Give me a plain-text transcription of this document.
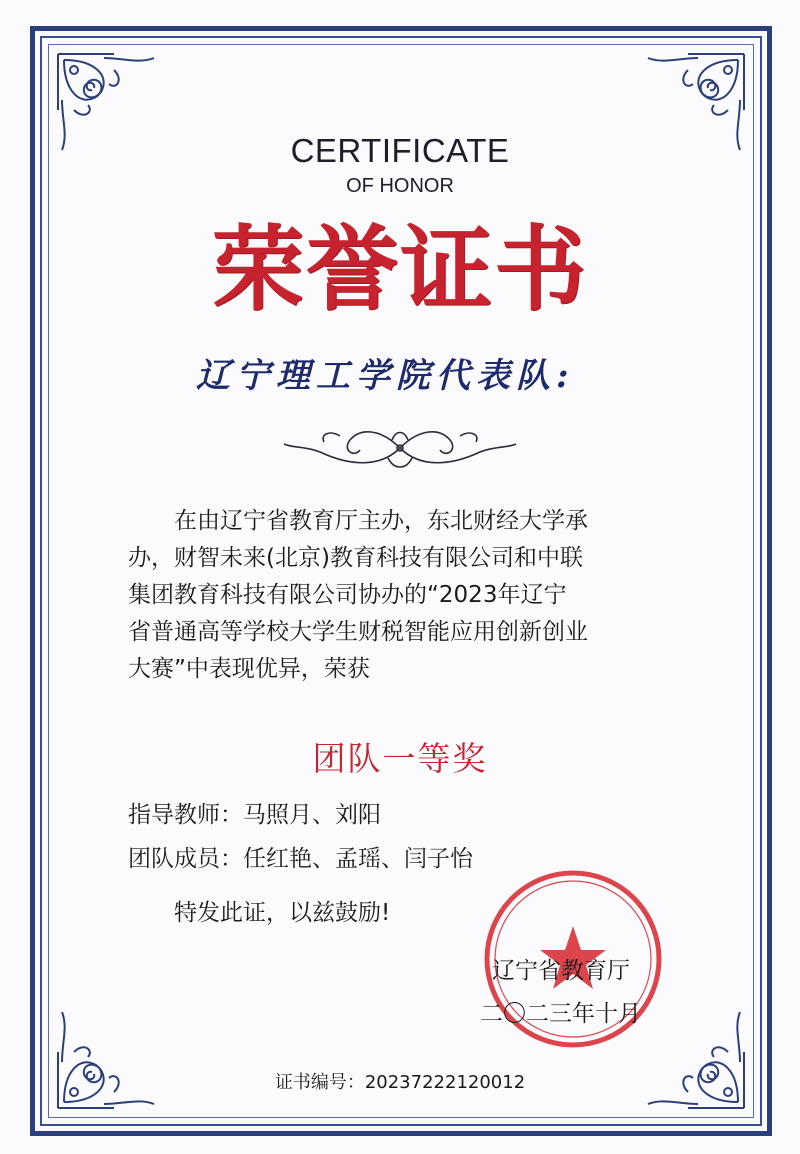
CERTIFICATE
OF HONOR
荣誉证书
辽宁理工学院代表队:

在由辽宁省教育厅主办，东北财经大学承

办，财智未来(北京)教育科技有限公司和中联

集团教育科技有限公司协办的“2023年辽宁

省普通高等学校大学生财税智能应用创新创业

大赛”中表现优异，荣获

团队一等奖
指导教师：马照月、刘阳
团队成员：任红艳、孟瑶、闫子怡
特发此证，以兹鼓励!
辽宁省教育厅
二〇二三年十月
证书编号：20237222120012
